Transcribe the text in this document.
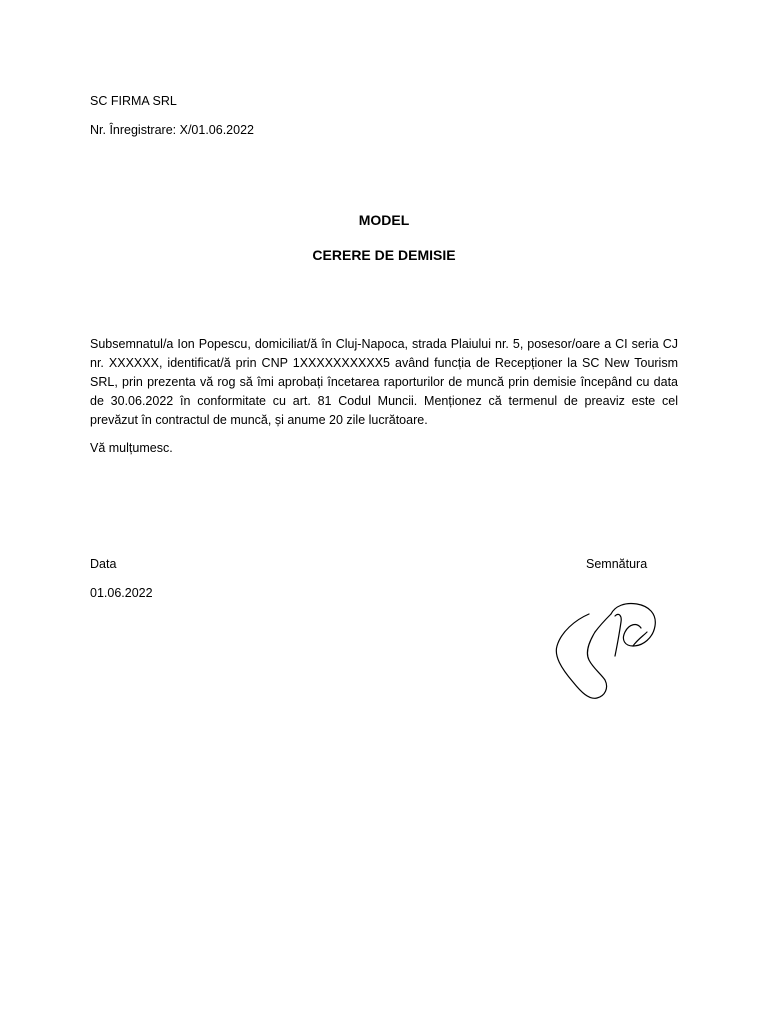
SC FIRMA SRL
Nr. Înregistrare: X/01.06.2022
MODEL
CERERE DE DEMISIE
Subsemnatul/a Ion Popescu, domiciliat/ă în Cluj-Napoca, strada Plaiului nr. 5, posesor/oare a CI seria CJ nr. XXXXXX, identificat/ă prin CNP 1XXXXXXXXXX5 având funcția de Recepționer la SC New Tourism SRL, prin prezenta vă rog să îmi aprobați încetarea raporturilor de muncă prin demisie începând cu data de 30.06.2022 în conformitate cu art. 81 Codul Muncii. Menționez că termenul de preaviz este cel prevăzut în contractul de muncă, și anume 20 zile lucrătoare.
Vă mulțumesc.
Data	Semnătura
01.06.2022
